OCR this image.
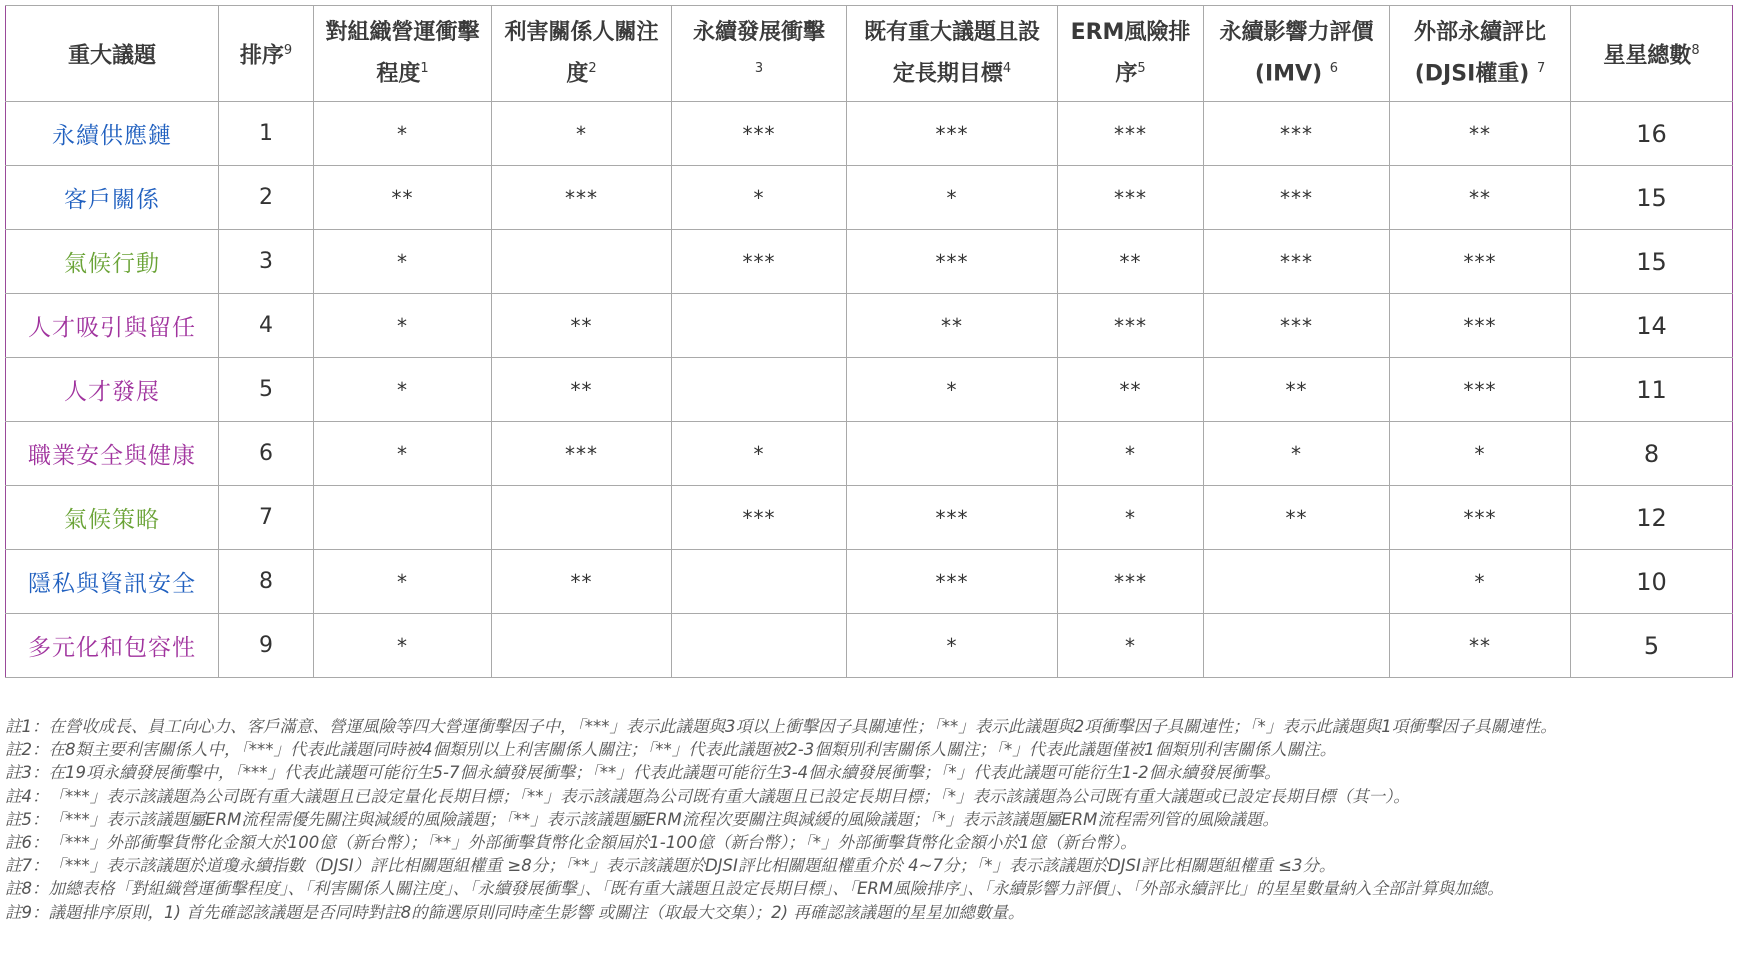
重大議題	排序$^9$	對組織營運衝擊程度$^1$	利害關係人關注度$^2$	永續發展衝擊$^3$	既有重大議題且設定長期目標$^4$	ERM風險排序$^5$	永續影響力評價 (IMV) $^6$	外部永續評比(DJSI權重) $^7$	星星總數$^8$
永續供應鏈	1	*	*	***	***	***	***	**	16
客戶關係	2	**	***	*	*	***	***	**	15
氣候行動	3	*		***	***	**	***	***	15
人才吸引與留任	4	*	**		**	***	***	***	14
人才發展	5	*	**		*	**	**	***	11
職業安全與健康	6	*	***	*		*	*	*	8
氣候策略	7			***	***	*	**	***	12
隱私與資訊安全	8	*	**		***	***		*	10
多元化和包容性	9	*			*	*		**	5
註1： 在營收成長、員工向心力、客戶滿意、營運風險等四大營運衝擊因子中，「***」表示此議題與3項以上衝擊因子具關連性；「**」表示此議題與2項衝擊因子具關連性；「*」表示此議題與1項衝擊因子具關連性。
註2： 在8類主要利害關係人中，「***」代表此議題同時被4個類別以上利害關係人關注；「**」代表此議題被2-3個類別利害關係人關注；「*」代表此議題僅被1個類別利害關係人關注。
註3： 在19項永續發展衝擊中，「***」代表此議題可能衍生5-7個永續發展衝擊；「**」代表此議題可能衍生3-4個永續發展衝擊；「*」代表此議題可能衍生1-2個永續發展衝擊。
註4： 「***」表示該議題為公司既有重大議題且已設定量化長期目標；「**」表示該議題為公司既有重大議題且已設定長期目標；「*」表示該議題為公司既有重大議題或已設定長期目標（其一）。
註5： 「***」表示該議題屬ERM流程需優先關注與減緩的風險議題；「**」表示該議題屬ERM流程次要關注與減緩的風險議題；「*」表示該議題屬ERM流程需列管的風險議題。
註6： 「***」外部衝擊貨幣化金額大於100億（新台幣）；「**」外部衝擊貨幣化金額屆於1-100億（新台幣）；「*」外部衝擊貨幣化金額小於1億（新台幣）。
註7： 「***」表示該議題於道瓊永續指數（DJSI）評比相關題組權重 ≥8分；「**」表示該議題於DJSI評比相關題組權重介於 4~7分；「*」表示該議題於DJSI評比相關題組權重 ≤3分。
註8： 加總表格「對組織營運衝擊程度」、「利害關係人關注度」、「永續發展衝擊」、「既有重大議題且設定長期目標」、「ERM風險排序」、「永續影響力評價」、「外部永續評比」的星星數量納入全部計算與加總。
註9： 議題排序原則，1) 首先確認該議題是否同時對註8的篩選原則同時產生影響 或關注（取最大交集）；2) 再確認該議題的星星加總數量。
